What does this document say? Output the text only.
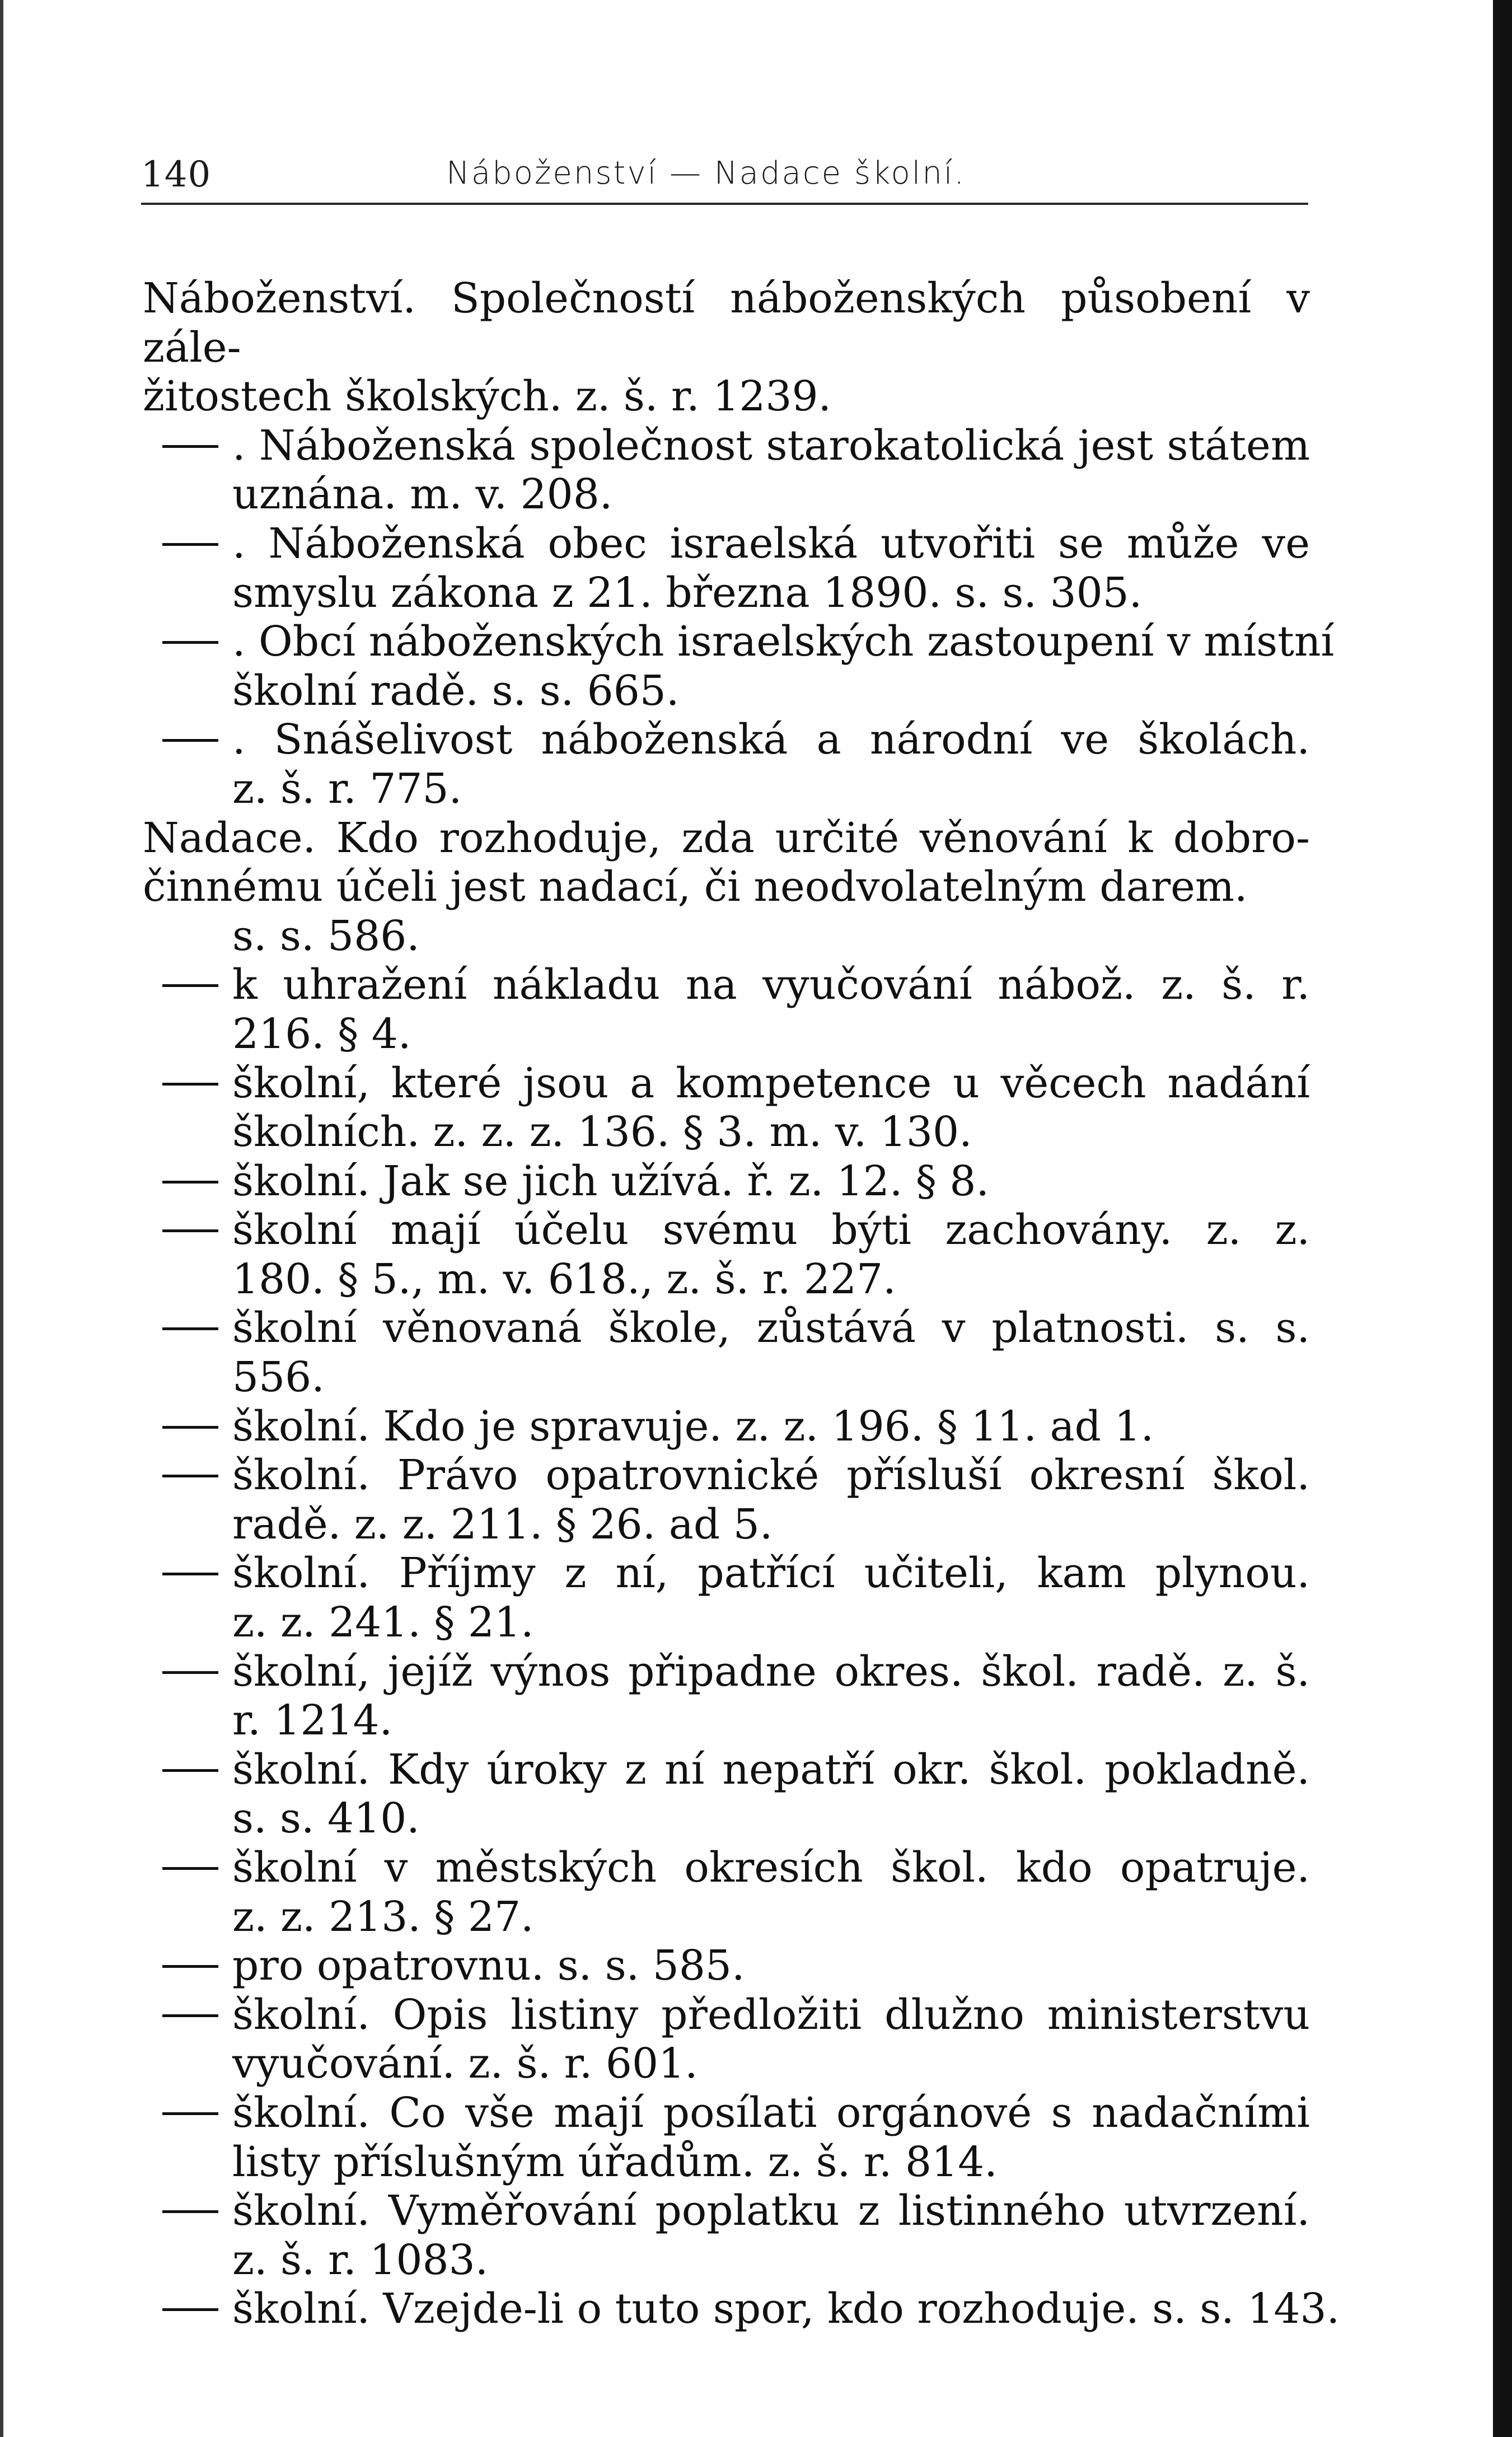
140	Náboženství — Nadace školní.
Náboženství. Společností náboženských působení v zále-
žitostech školských. z. š. r. 1239.
. Náboženská společnost starokatolická jest státem
uznána. m. v. 208.
. Náboženská obec israelská utvořiti se může ve
smyslu zákona z 21. března 1890. s. s. 305.
. Obcí náboženských israelských zastoupení v místní
školní radě. s. s. 665.
. Snášelivost náboženská a národní ve školách.
z. š. r. 775.
Nadace. Kdo rozhoduje, zda určité věnování k dobro-
činnému účeli jest nadací, či neodvolatelným darem.
s. s. 586.
k uhražení nákladu na vyučování nábož. z. š. r.
216. § 4.
školní, které jsou a kompetence u věcech nadání
školních. z. z. z. 136. § 3. m. v. 130.
školní. Jak se jich užívá. ř. z. 12. § 8.
školní mají účelu svému býti zachovány. z. z.
180. § 5., m. v. 618., z. š. r. 227.
školní věnovaná škole, zůstává v platnosti. s. s.
556.
školní. Kdo je spravuje. z. z. 196. § 11. ad 1.
školní. Právo opatrovnické přísluší okresní škol.
radě. z. z. 211. § 26. ad 5.
školní. Příjmy z ní, patřící učiteli, kam plynou.
z. z. 241. § 21.
školní, jejíž výnos připadne okres. škol. radě. z. š.
r. 1214.
školní. Kdy úroky z ní nepatří okr. škol. pokladně.
s. s. 410.
školní v městských okresích škol. kdo opatruje.
z. z. 213. § 27.
pro opatrovnu. s. s. 585.
školní. Opis listiny předložiti dlužno ministerstvu
vyučování. z. š. r. 601.
školní. Co vše mají posílati orgánové s nadačními
listy příslušným úřadům. z. š. r. 814.
školní. Vyměřování poplatku z listinného utvrzení.
z. š. r. 1083.
školní. Vzejde-li o tuto spor, kdo rozhoduje. s. s. 143.
